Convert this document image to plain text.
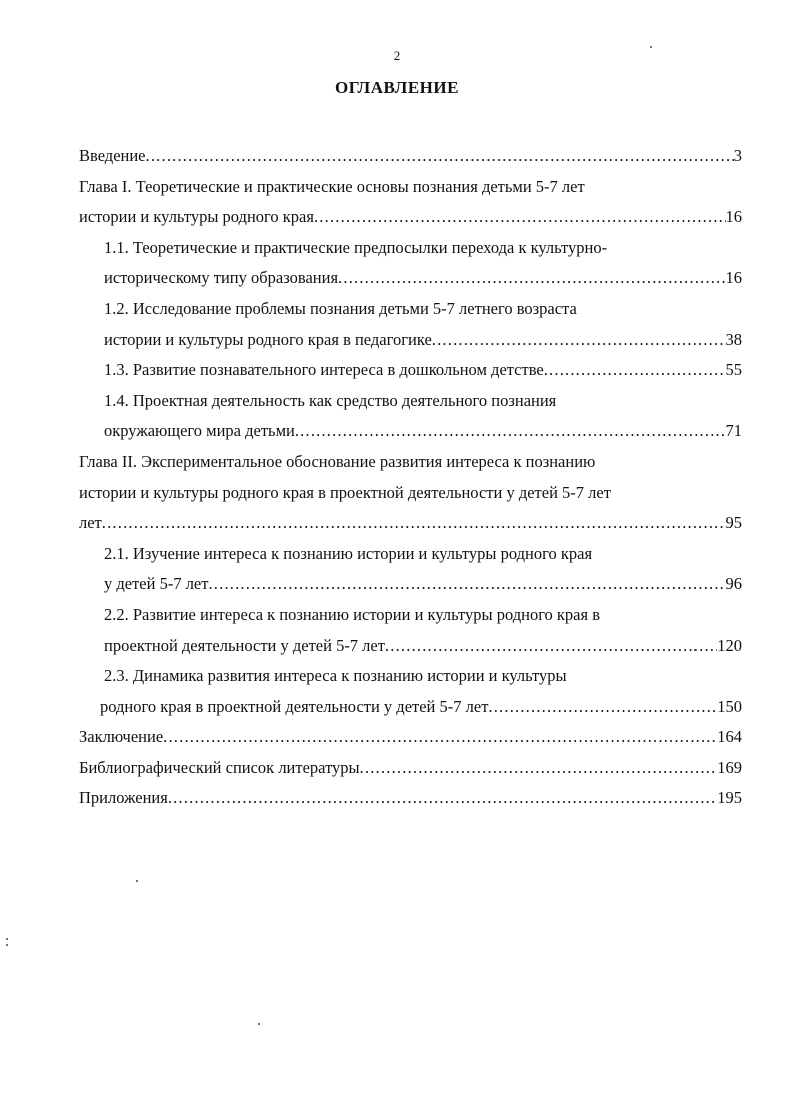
2
ОГЛАВЛЕНИЕ
Введение .....	3
Глава I. Теоретические и практические основы познания детьми 5-7 лет
истории и культуры родного края .....	16
1.1. Теоретические и практические предпосылки перехода к культурно-
историческому типу образования .....	16
1.2. Исследование проблемы познания детьми 5-7 летнего возраста
истории и культуры родного края в педагогике .....	38
1.3. Развитие познавательного интереса в дошкольном детстве .....	55
1.4. Проектная деятельность как средство деятельного познания
окружающего мира детьми .....	71
Глава II. Экспериментальное обоснование развития интереса к познанию
истории и культуры родного края в проектной деятельности у детей 5-7 лет
лет .....	95
2.1. Изучение интереса к познанию истории и культуры родного края
у детей 5-7 лет .....	96
2.2. Развитие интереса к познанию истории и культуры родного края в
проектной деятельности у детей 5-7 лет .....	120
2.3. Динамика развития интереса к познанию истории и культуры
родного края в проектной деятельности у детей 5-7 лет .....	150
Заключение .....	164
Библиографический список литературы .....	169
Приложения .....	195
